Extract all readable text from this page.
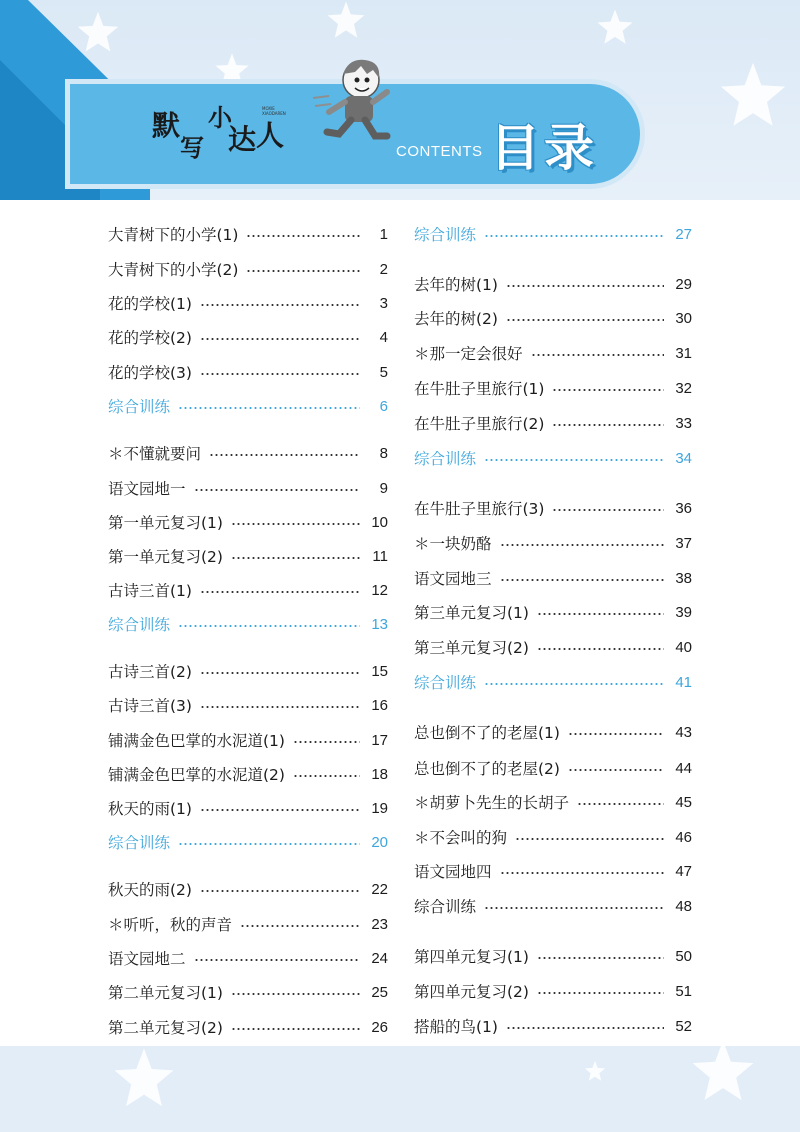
默
写
小
达 人
MOXIE XIAODAREN
CONTENTS 目录
大青树下的小学(1)	1
大青树下的小学(2)	2
花的学校(1)	3
花的学校(2)	4
花的学校(3)	5
综合训练	6
＊不懂就要问	8
语文园地一	9
第一单元复习(1)	10
第一单元复习(2)	11
古诗三首(1)	12
综合训练	13
古诗三首(2)	15
古诗三首(3)	16
铺满金色巴掌的水泥道(1)	17
铺满金色巴掌的水泥道(2)	18
秋天的雨(1)	19
综合训练	20
秋天的雨(2)	22
＊听听，秋的声音	23
语文园地二	24
第二单元复习(1)	25
第二单元复习(2)	26
综合训练	27
去年的树(1)	29
去年的树(2)	30
＊那一定会很好	31
在牛肚子里旅行(1)	32
在牛肚子里旅行(2)	33
综合训练	34
在牛肚子里旅行(3)	36
＊一块奶酪	37
语文园地三	38
第三单元复习(1)	39
第三单元复习(2)	40
综合训练	41
总也倒不了的老屋(1)	43
总也倒不了的老屋(2)	44
＊胡萝卜先生的长胡子	45
＊不会叫的狗	46
语文园地四	47
综合训练	48
第四单元复习(1)	50
第四单元复习(2)	51
搭船的鸟(1)	52
